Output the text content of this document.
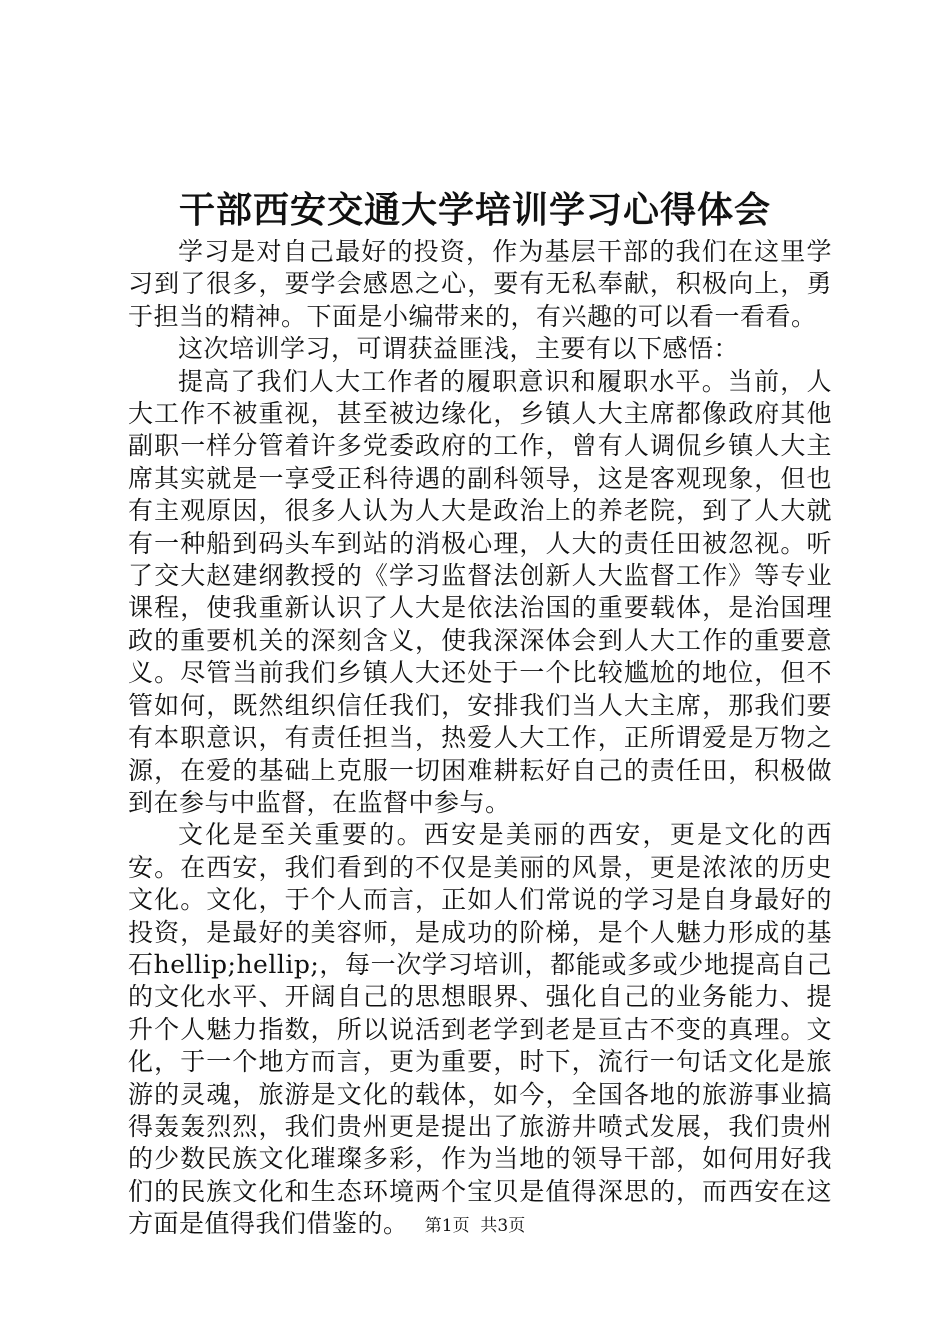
干部西安交通大学培训学习心得体会

学习是对自己最好的投资，作为基层干部的我们在这里学习到了很多，要学会感恩之心，要有无私奉献，积极向上，勇于担当的精神。下面是小编带来的，有兴趣的可以看一看看。

这次培训学习，可谓获益匪浅，主要有以下感悟：

提高了我们人大工作者的履职意识和履职水平。当前，人大工作不被重视，甚至被边缘化，乡镇人大主席都像政府其他副职一样分管着许多党委政府的工作，曾有人调侃乡镇人大主席其实就是一享受正科待遇的副科领导，这是客观现象，但也有主观原因，很多人认为人大是政治上的养老院，到了人大就有一种船到码头车到站的消极心理，人大的责任田被忽视。听了交大赵建纲教授的《学习监督法创新人大监督工作》等专业课程，使我重新认识了人大是依法治国的重要载体，是治国理政的重要机关的深刻含义，使我深深体会到人大工作的重要意义。尽管当前我们乡镇人大还处于一个比较尴尬的地位，但不管如何，既然组织信任我们，安排我们当人大主席，那我们要有本职意识，有责任担当，热爱人大工作，正所谓爱是万物之源，在爱的基础上克服一切困难耕耘好自己的责任田，积极做到在参与中监督，在监督中参与。

文化是至关重要的。西安是美丽的西安，更是文化的西安。在西安，我们看到的不仅是美丽的风景，更是浓浓的历史文化。文化，于个人而言，正如人们常说的学习是自身最好的投资，是最好的美容师，是成功的阶梯，是个人魅力形成的基石hellip;hellip;，每一次学习培训，都能或多或少地提高自己的文化水平、开阔自己的思想眼界、强化自己的业务能力、提升个人魅力指数，所以说活到老学到老是亘古不变的真理。文化，于一个地方而言，更为重要，时下，流行一句话文化是旅游的灵魂，旅游是文化的载体，如今，全国各地的旅游事业搞得轰轰烈烈，我们贵州更是提出了旅游井喷式发展，我们贵州的少数民族文化璀璨多彩，作为当地的领导干部，如何用好我们的民族文化和生态环境两个宝贝是值得深思的，而西安在这方面是值得我们借鉴的。 第1页 共3页
